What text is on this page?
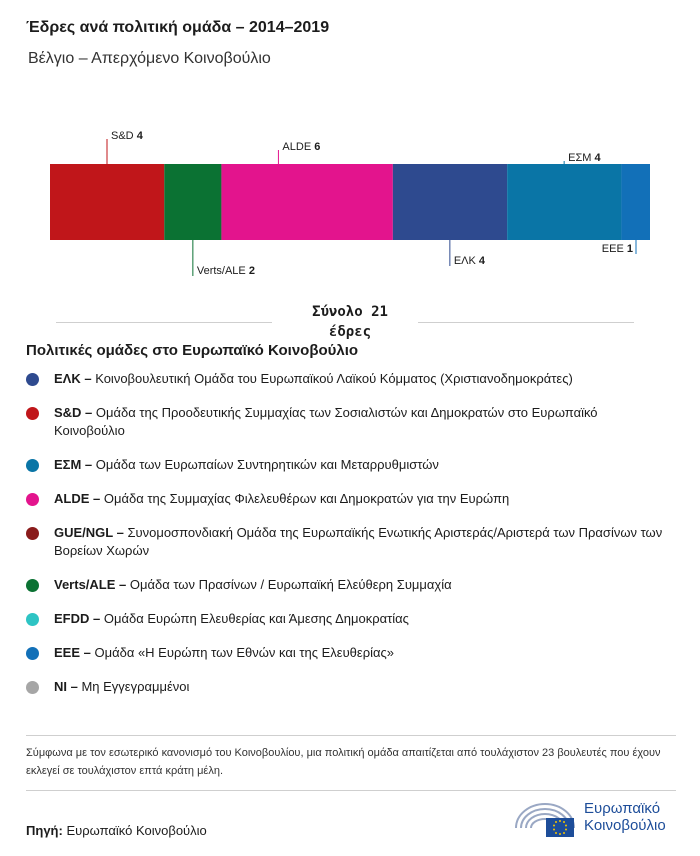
Έδρες ανά πολιτική ομάδα – 2014–2019
Βέλγιο – Απερχόμενο Κοινοβούλιο
S&D 4
Verts/ALE 2
ALDE 6
ΕΛΚ 4
ΕΣΜ 4
ΕΕΕ 1
Σύνολο 21
έδρες
Πολιτικές ομάδες στο Ευρωπαϊκό Κοινοβούλιο
ΕΛΚ – Κοινοβουλευτική Ομάδα του Ευρωπαϊκού Λαϊκού Κόμματος (Χριστιανοδημοκράτες)
S&D – Ομάδα της Προοδευτικής Συμμαχίας των Σοσιαλιστών και Δημοκρατών στο Ευρωπαϊκό Κοινοβούλιο
ΕΣΜ – Ομάδα των Ευρωπαίων Συντηρητικών και Μεταρρυθμιστών
ALDE – Ομάδα της Συμμαχίας Φιλελευθέρων και Δημοκρατών για την Ευρώπη
GUE/NGL – Συνομοσπονδιακή Ομάδα της Ευρωπαϊκής Ενωτικής Αριστεράς/Αριστερά των Πρασίνων των Βορείων Χωρών
Verts/ALE – Ομάδα των Πρασίνων / Ευρωπαϊκή Ελεύθερη Συμμαχία
EFDD – Ομάδα Ευρώπη Ελευθερίας και Άμεσης Δημοκρατίας
ΕΕΕ – Ομάδα «Η Ευρώπη των Εθνών και της Ελευθερίας»
NI – Μη Εγγεγραμμένοι
Σύμφωνα με τον εσωτερικό κανονισμό του Κοινοβουλίου, μια πολιτική ομάδα απαιτίζεται από τουλάχιστον 23 βουλευτές που έχουν εκλεγεί σε τουλάχιστον επτά κράτη μέλη.
Πηγή: Ευρωπαϊκό Κοινοβούλιο
Ευρωπαϊκό
Κοινοβούλιο
